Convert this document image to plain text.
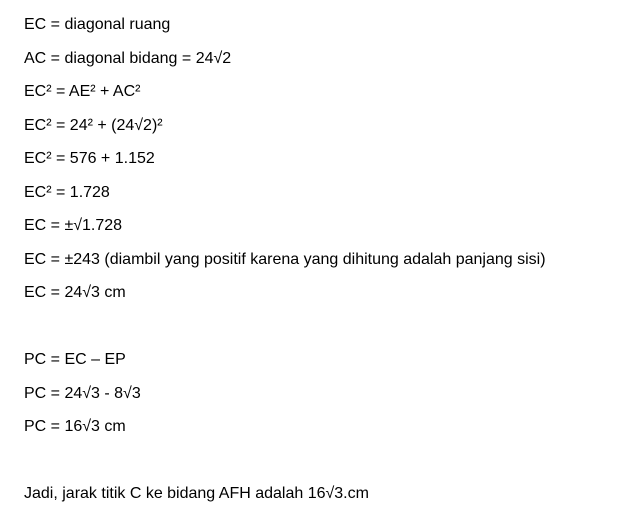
EC = diagonal ruang
AC = diagonal bidang = 24√2
EC² = AE² + AC²
EC² = 24² + (24√2)²
EC² = 576 + 1.152
EC² = 1.728
EC = ±√1.728
EC = ±243 (diambil yang positif karena yang dihitung adalah panjang sisi)
EC = 24√3 cm
PC = EC – EP
PC = 24√3 - 8√3
PC = 16√3 cm
Jadi, jarak titik C ke bidang AFH adalah 16√3.cm
